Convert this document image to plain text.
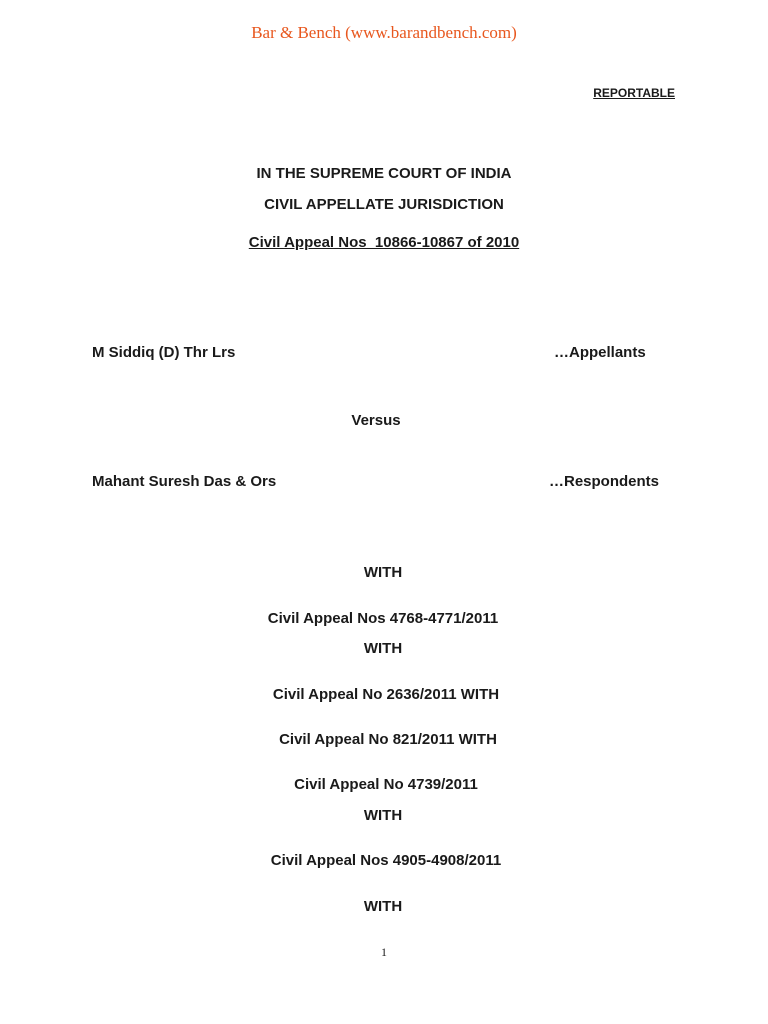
Bar & Bench (www.barandbench.com)
REPORTABLE
IN THE SUPREME COURT OF INDIA
CIVIL APPELLATE JURISDICTION
Civil Appeal Nos  10866-10867 of 2010
M Siddiq (D) Thr Lrs	…Appellants
Versus
Mahant Suresh Das & Ors	…Respondents
WITH
Civil Appeal Nos 4768-4771/2011
WITH
Civil Appeal No 2636/2011 WITH
Civil Appeal No 821/2011 WITH
Civil Appeal No 4739/2011
WITH
Civil Appeal Nos 4905-4908/2011
WITH
1
